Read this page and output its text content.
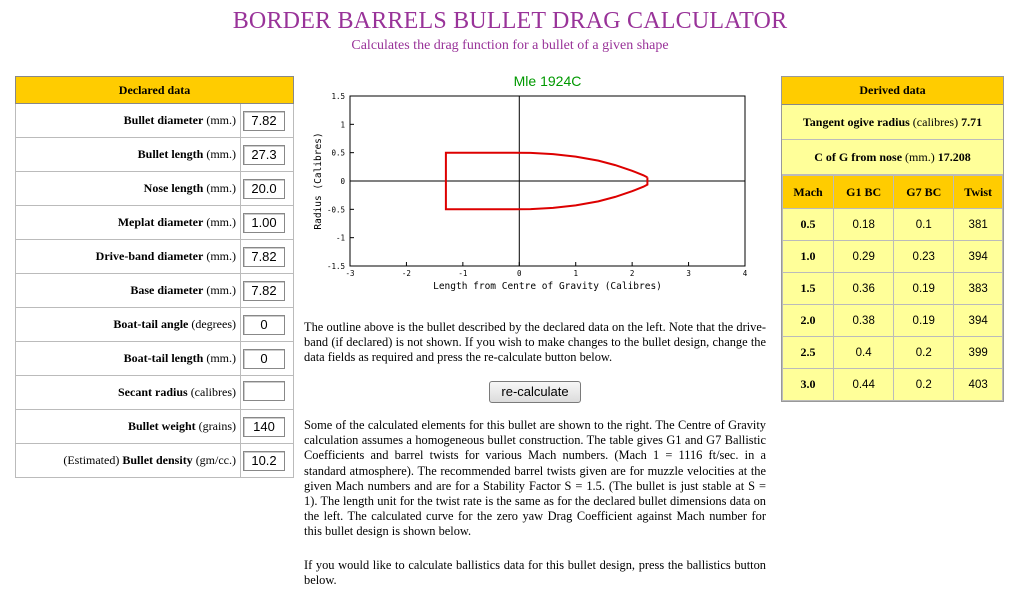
BORDER BARRELS BULLET DRAG CALCULATOR
Calculates the drag function for a bullet of a given shape
Declared data	
Bullet diameter (mm.)	7.82
Bullet length (mm.)	27.3
Nose length (mm.)	20.0
Meplat diameter (mm.)	1.00
Drive-band diameter (mm.)	7.82
Base diameter (mm.)	7.82
Boat-tail angle (degrees)	0
Boat-tail length (mm.)	0
Secant radius (calibres)	
Bullet weight (grains)	140
(Estimated) Bullet density (gm/cc.)	10.2
Mle 1924C
-3	-2	-1	0	1	2	3	4
1.5
1
0.5
0
-0.5
-1
-1.5
Length from Centre of Gravity (Calibres)
Radius (Calibres)
The outline above is the bullet described by the declared data on the left. Note that the drive-band (if declared) is not shown. If you wish to make changes to the bullet design, change the data fields as required and press the re-calculate button below.
re-calculate
Some of the calculated elements for this bullet are shown to the right. The Centre of Gravity calculation assumes a homogeneous bullet construction. The table gives G1 and G7 Ballistic Coefficients and barrel twists for various Mach numbers. (Mach 1 = 1116 ft/sec. in a standard atmosphere). The recommended barrel twists given are for muzzle velocities at the given Mach numbers and are for a Stability Factor S = 1.5. (The bullet is just stable at S = 1). The length unit for the twist rate is the same as for the declared bullet dimensions data on the left. The calculated curve for the zero yaw Drag Coefficient against Mach number for this bullet design is shown below.
If you would like to calculate ballistics data for this bullet design, press the ballistics button below.
Derived data
Tangent ogive radius (calibres) 7.71
C of G from nose (mm.) 17.208
Mach	G1 BC	G7 BC	Twist
0.5	0.18	0.1	381
1.0	0.29	0.23	394
1.5	0.36	0.19	383
2.0	0.38	0.19	394
2.5	0.4	0.2	399
3.0	0.44	0.2	403
